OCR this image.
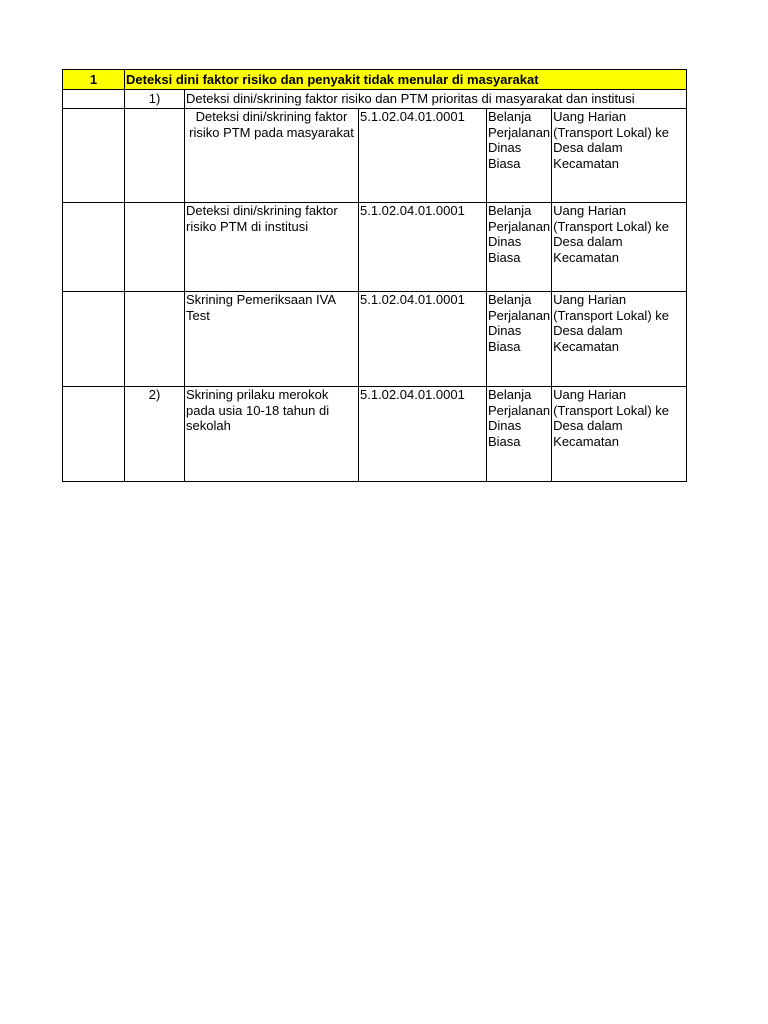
1	Deteksi dini faktor risiko dan penyakit tidak menular di masyarakat				
	1)	Deteksi dini/skrining faktor risiko dan PTM prioritas di masyarakat dan institusi			
		Deteksi dini/skrining faktor risiko PTM pada masyarakat	5.1.02.04.01.0001	Belanja Perjalanan Dinas Biasa	Uang Harian (Transport Lokal) ke Desa dalam Kecamatan
		Deteksi dini/skrining faktor risiko PTM di institusi	5.1.02.04.01.0001	Belanja Perjalanan Dinas Biasa	Uang Harian (Transport Lokal) ke Desa dalam Kecamatan
		Skrining Pemeriksaan IVA Test	5.1.02.04.01.0001	Belanja Perjalanan Dinas Biasa	Uang Harian (Transport Lokal) ke Desa dalam Kecamatan
	2)	Skrining prilaku merokok pada usia 10-18 tahun di sekolah	5.1.02.04.01.0001	Belanja Perjalanan Dinas Biasa	Uang Harian (Transport Lokal) ke Desa dalam Kecamatan
